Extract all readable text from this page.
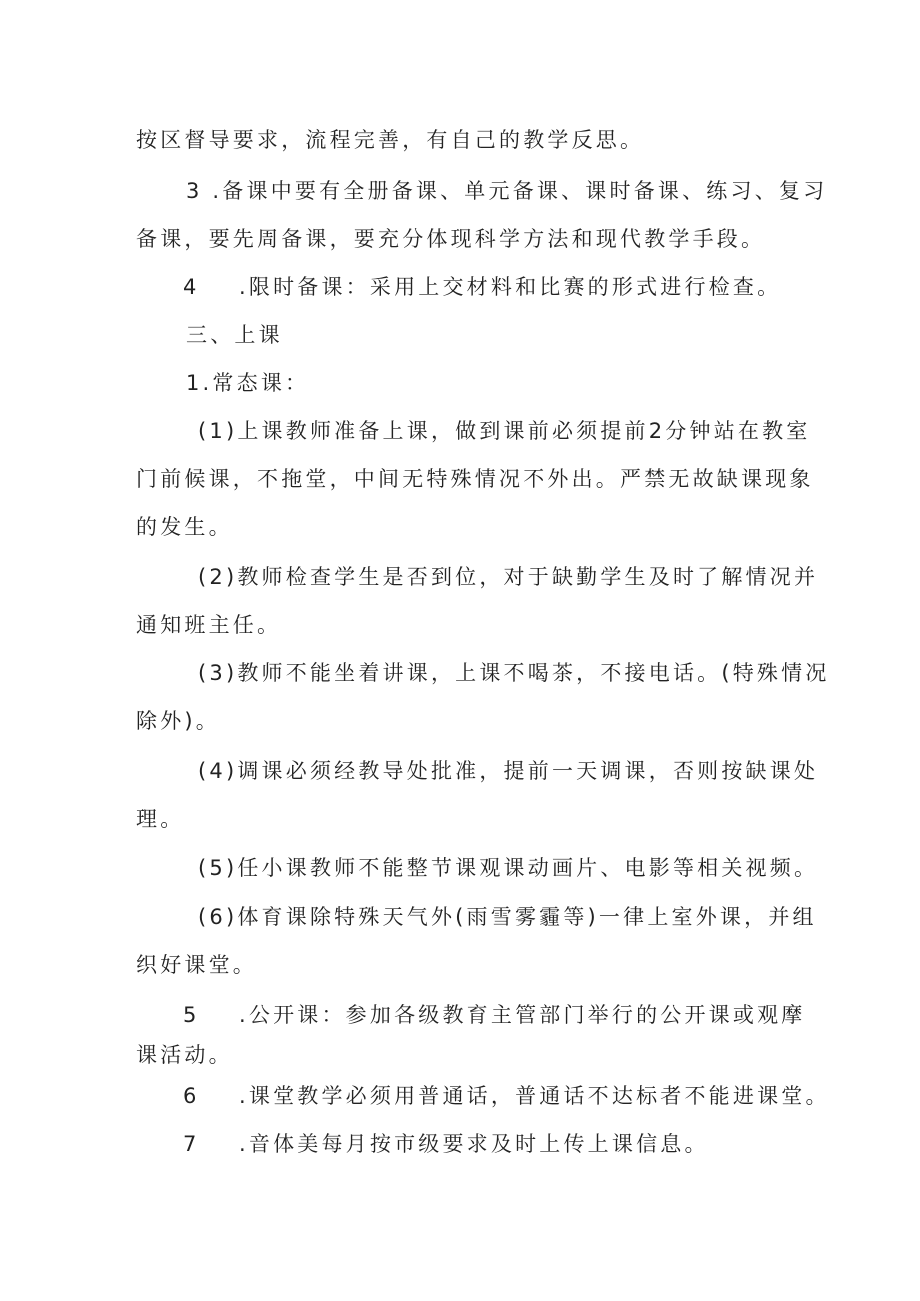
按区督导要求，流程完善，有自己的教学反思。
3 .备课中要有全册备课、单元备课、课时备课、练习、复习
备课，要先周备课，要充分体现科学方法和现代教学手段。
4 .限时备课：采用上交材料和比赛的形式进行检查。
三、上课
1.常态课：
(1)上课教师准备上课，做到课前必须提前2分钟站在教室
门前候课，不拖堂，中间无特殊情况不外出。严禁无故缺课现象
的发生。
(2)教师检查学生是否到位，对于缺勤学生及时了解情况并
通知班主任。
(3)教师不能坐着讲课，上课不喝茶，不接电话。(特殊情况
除外)。
(4)调课必须经教导处批准，提前一天调课，否则按缺课处
理。
(5)任小课教师不能整节课观课动画片、电影等相关视频。
(6)体育课除特殊天气外(雨雪雾霾等)一律上室外课，并组
织好课堂。
5 .公开课：参加各级教育主管部门举行的公开课或观摩
课活动。
6 .课堂教学必须用普通话，普通话不达标者不能进课堂。
7 .音体美每月按市级要求及时上传上课信息。
